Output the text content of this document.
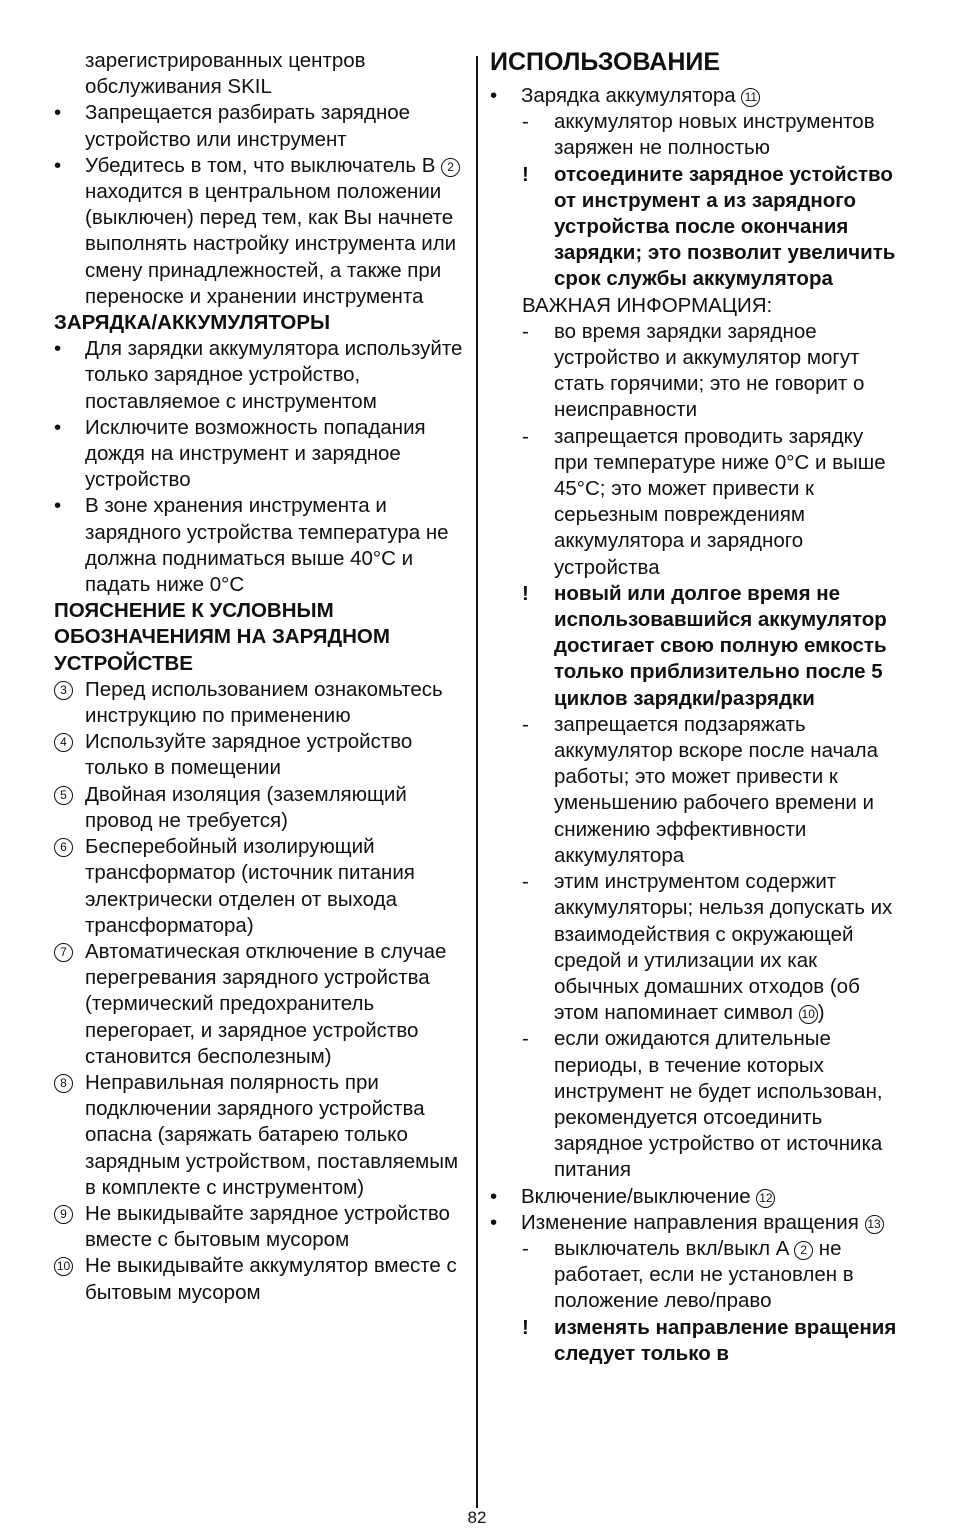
зарегистрированных центров обслуживания SKIL
• Запрещается разбирать зарядное устройство или инструмент
• Убедитесь в том, что выключатель B 2 находится в центральном положении (выключен) перед тем, как Вы начнете выполнять настройку инструмента или смену принадлежностей, а также при переноске и хранении инструмента
ЗАРЯДКА/АККУМУЛЯТОРЫ
• Для зарядки аккумулятора используйте только зарядное устройство, поставляемое с инструментом
• Исключите возможность попадания дождя на инструмент и зарядное устройство
• В зоне хранения инструмента и зарядного устройства температура не должна подниматься выше 40°C и падать ниже 0°C
ПОЯСНЕНИЕ К УСЛОВНЫМ ОБОЗНАЧЕНИЯМ НА ЗАРЯДНОМ УСТРОЙСТВЕ
3 Перед использованием ознакомьтесь инструкцию по применению
4 Используйте зарядное устройство только в помещении
5 Двойная изоляция (заземляющий провод не требуется)
6 Бесперебойный изолирующий трансформатор (источник питания электрически отделен от выхода трансформатора)
7 Автоматическая отключение в случае перегревания зарядного устройства (термический предохранитель перегорает, и зарядное устройство становится бесполезным)
8 Неправильная полярность при подключении зарядного устройства опасна (заряжать батарею только зарядным устройством, поставляемым в комплекте с инструментом)
9 Не выкидывайте зарядное устройство вместе с бытовым мусором
10 Не выкидывайте аккумулятор вместе с бытовым мусором
ИСПОЛЬЗОВАНИЕ
• Зарядка аккумулятора 11
- аккумулятор новых инструментов заряжен не полностью
! отсоедините зарядное устойство от инструмент а из зарядного устройства после окончания зарядки; это позволит увеличить срок службы аккумулятора
ВАЖНАЯ ИНФОРМАЦИЯ:
- во время зарядки зарядное устройство и аккумулятор могут стать горячими; это не говорит о неисправности
- запрещается проводить зарядку при температуре ниже 0°C и выше 45°C; это может привести к серьезным повреждениям аккумулятора и зарядного устройства
! новый или долгое время не использовавшийся аккумулятор достигает свою полную емкость только приблизительно после 5 циклов зарядки/разрядки
- запрещается подзаряжать аккумулятор вскоре после начала работы; это может привести к уменьшению рабочего времени и снижению эффективности аккумулятора
- этим инструментом содержит аккумуляторы; нельзя допускать их взаимодействия с окружающей средой и утилизации их как обычных домашних отходов (об этом напоминает символ 10 )
- если ожидаются длительные периоды, в течение которых инструмент не будет использован, рекомендуется отсоединить зарядное устройство от источника питания
• Включение/выключение 12
• Изменение направления вращения 13
- выключатель вкл/выкл A 2 не работает, если не установлен в положение лево/право
! изменять направление вращения следует только в
82
